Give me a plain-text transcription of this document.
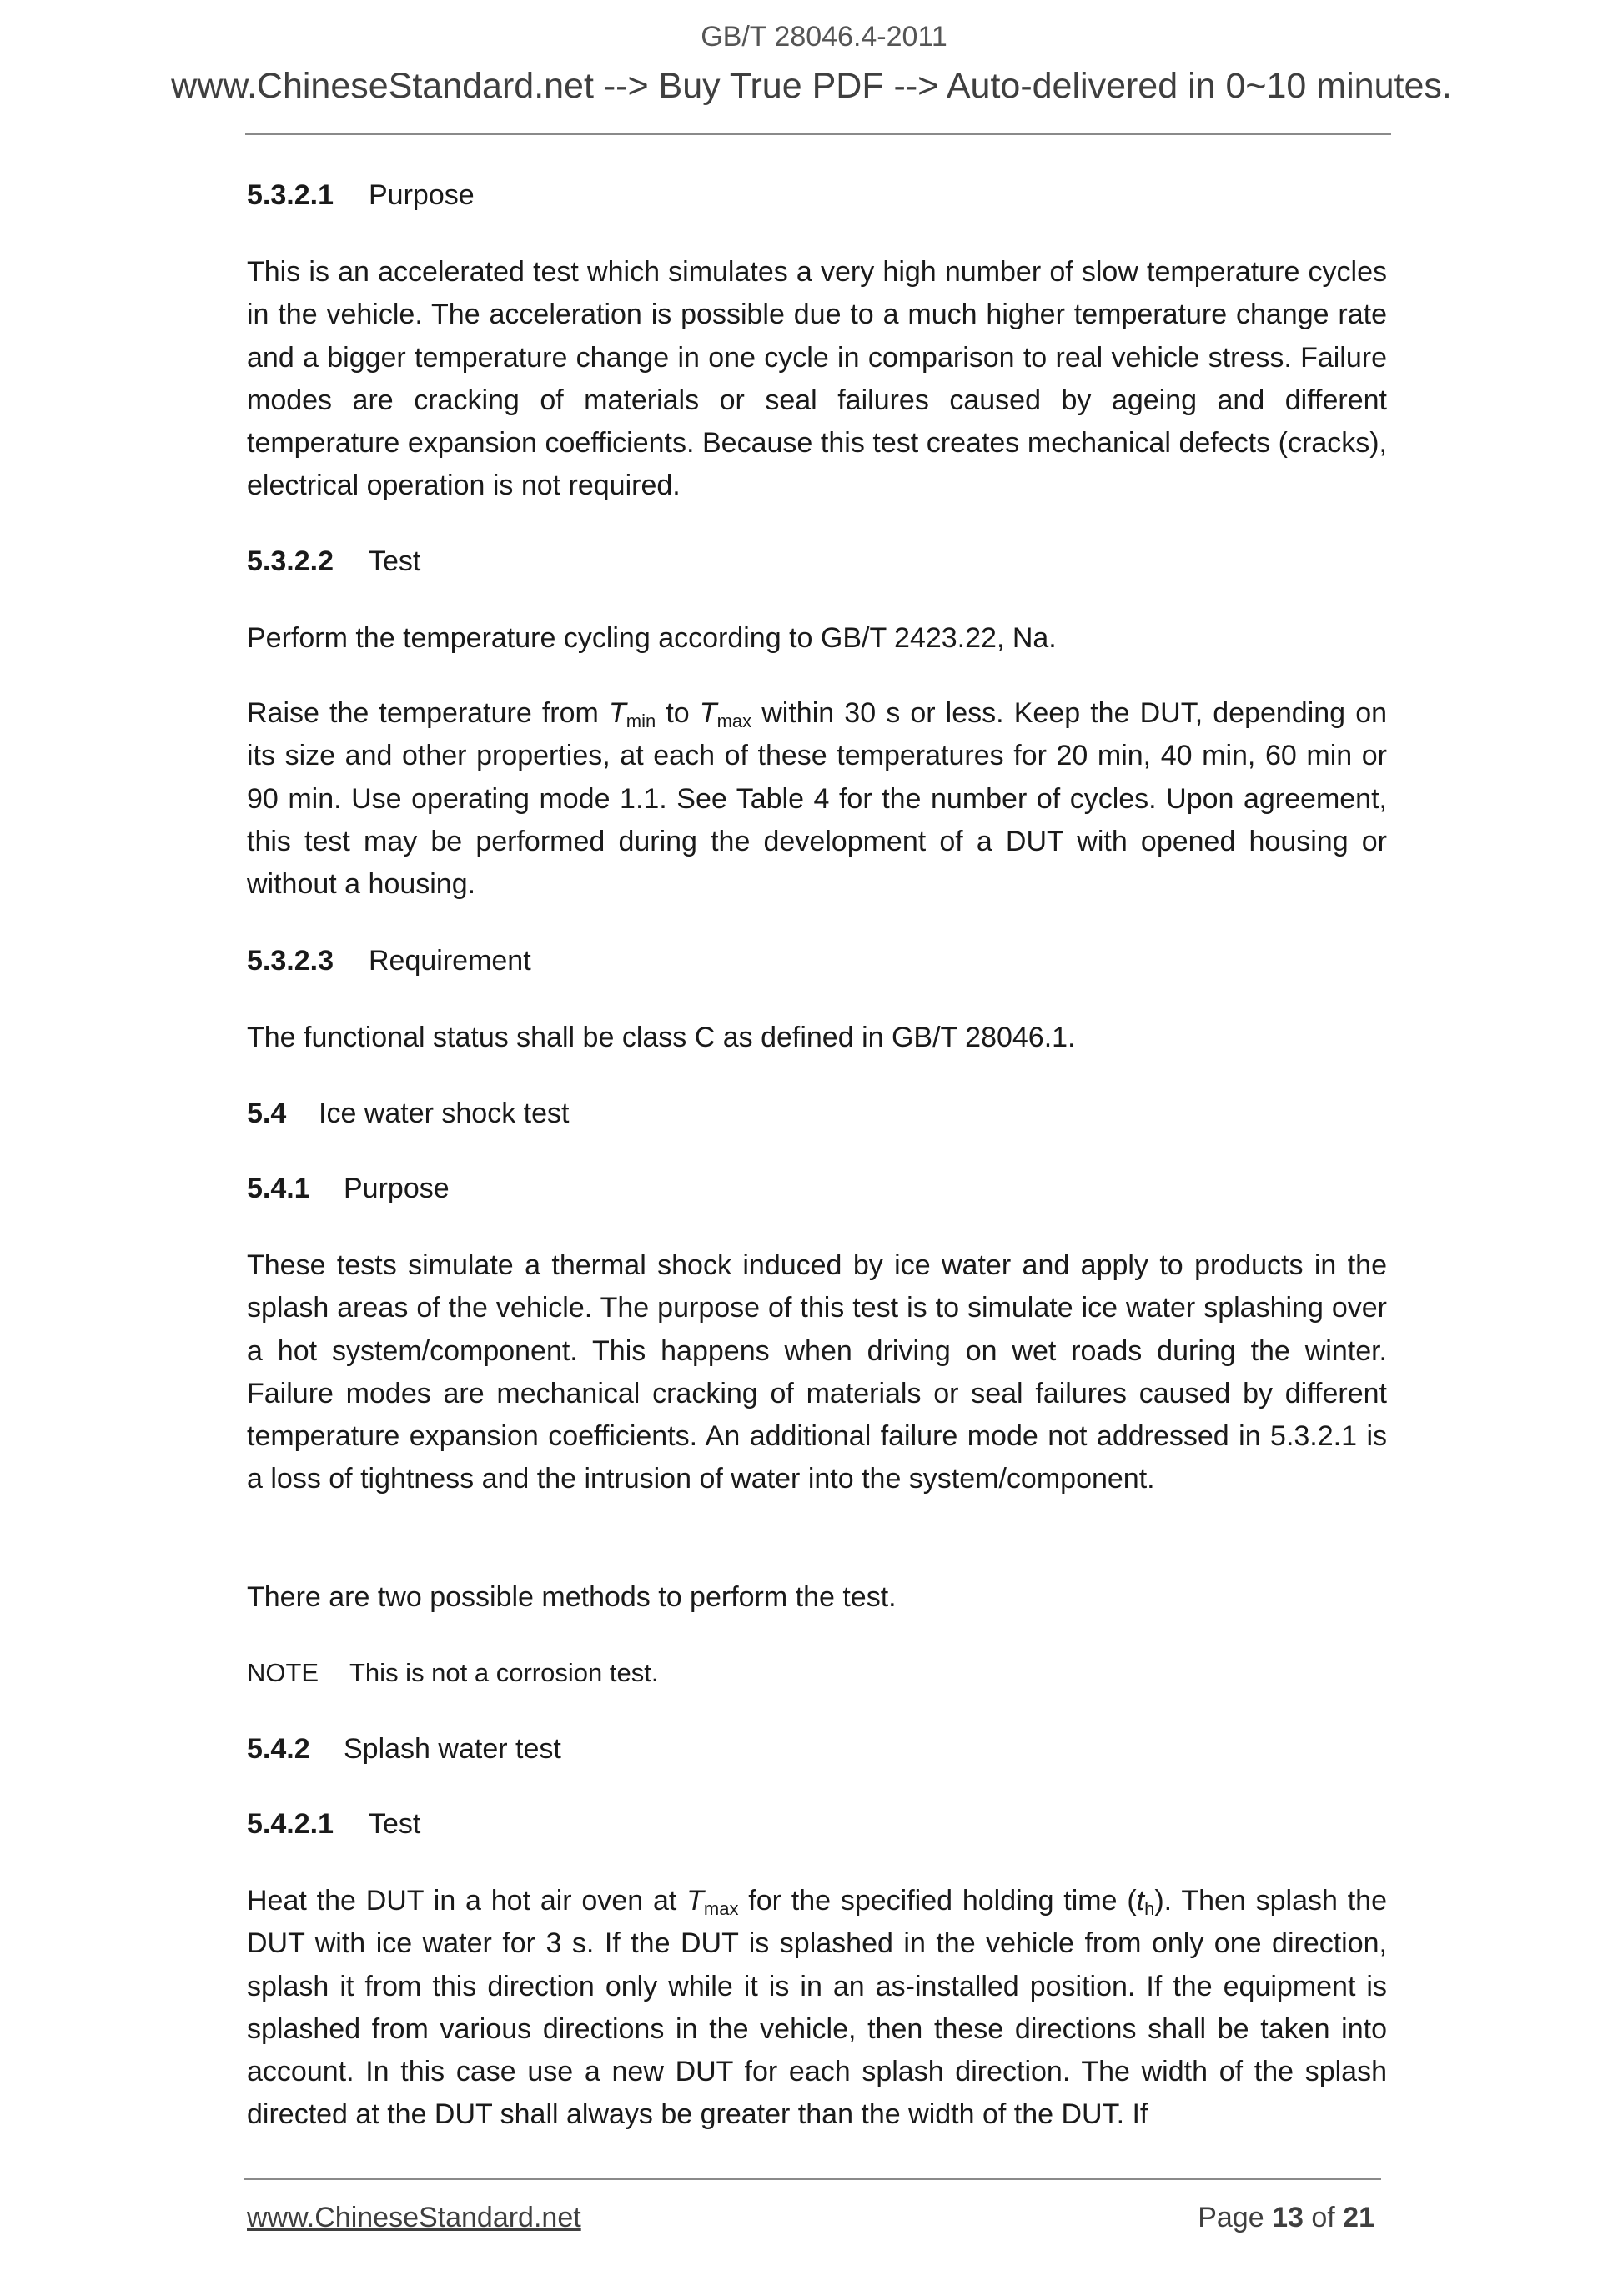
GB/T 28046.4-2011
www.ChineseStandard.net --> Buy True PDF --> Auto-delivered in 0~10 minutes.
5.3.2.1 Purpose
This is an accelerated test which simulates a very high number of slow temperature cycles in the vehicle. The acceleration is possible due to a much higher temperature change rate and a bigger temperature change in one cycle in comparison to real vehicle stress. Failure modes are cracking of materials or seal failures caused by ageing and different temperature expansion coefficients. Because this test creates mechanical defects (cracks), electrical operation is not required.
5.3.2.2 Test
Perform the temperature cycling according to GB/T 2423.22, Na.
Raise the temperature from $T_{min}$ to $T_{max}$ within 30 s or less. Keep the DUT, depending on its size and other properties, at each of these temperatures for 20 min, 40 min, 60 min or 90 min. Use operating mode 1.1. See Table 4 for the number of cycles. Upon agreement, this test may be performed during the development of a DUT with opened housing or without a housing.
5.3.2.3 Requirement
The functional status shall be class C as defined in GB/T 28046.1.
5.4 Ice water shock test
5.4.1 Purpose
These tests simulate a thermal shock induced by ice water and apply to products in the splash areas of the vehicle. The purpose of this test is to simulate ice water splashing over a hot system/component. This happens when driving on wet roads during the winter. Failure modes are mechanical cracking of materials or seal failures caused by different temperature expansion coefficients. An additional failure mode not addressed in 5.3.2.1 is a loss of tightness and the intrusion of water into the system/component.
There are two possible methods to perform the test.
NOTE This is not a corrosion test.
5.4.2 Splash water test
5.4.2.1 Test
Heat the DUT in a hot air oven at $T_{max}$ for the specified holding time $(t_h)$. Then splash the DUT with ice water for 3 s. If the DUT is splashed in the vehicle from only one direction, splash it from this direction only while it is in an as-installed position. If the equipment is splashed from various directions in the vehicle, then these directions shall be taken into account. In this case use a new DUT for each splash direction. The width of the splash directed at the DUT shall always be greater than the width of the DUT. If
www.ChineseStandard.net	Page 13 of 21
